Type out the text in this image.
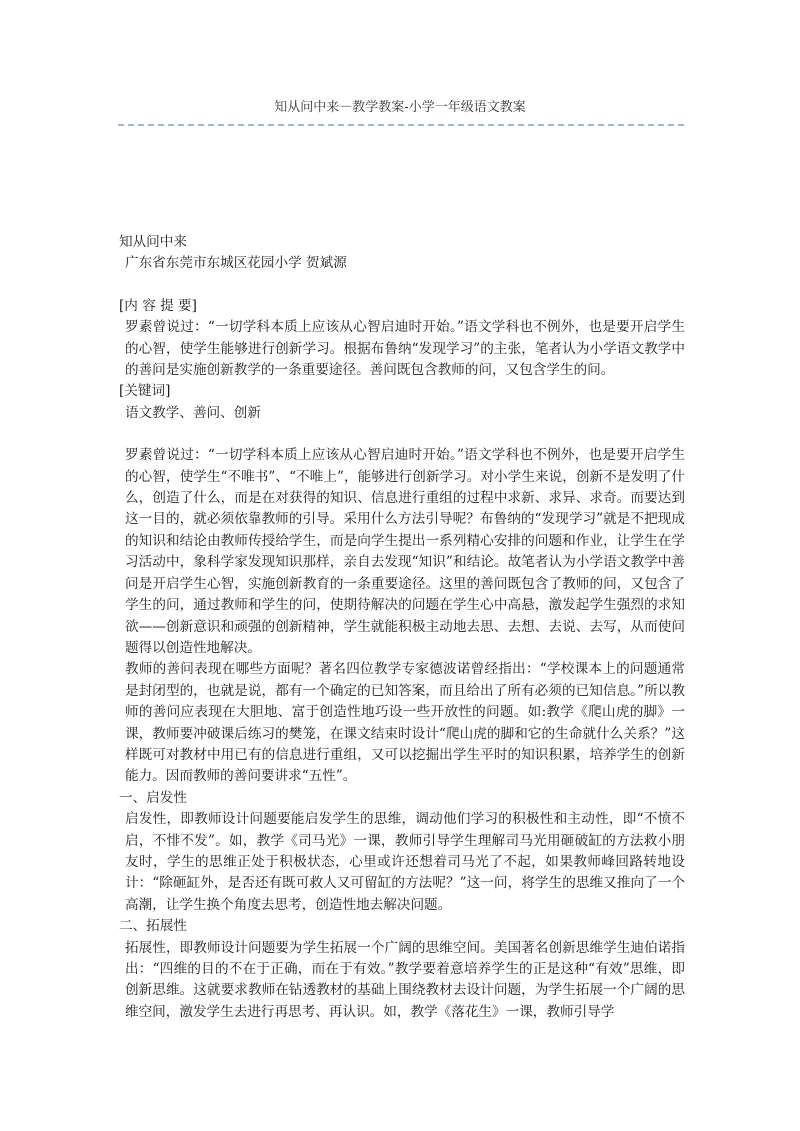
知从问中来－教学教案-小学一年级语文教案

知从问中来

广东省东莞市东城区花园小学 贺斌源

[内 容 提 要]

罗素曾说过：“一切学科本质上应该从心智启迪时开始。”语文学科也不例外，也是要开启学生的心智，使学生能够进行创新学习。根据布鲁纳“发现学习”的主张，笔者认为小学语文教学中的善问是实施创新教学的一条重要途径。善问既包含教师的问，又包含学生的问。

[关键词]

语文教学、善问、创新

罗素曾说过：“一切学科本质上应该从心智启迪时开始。”语文学科也不例外，也是要开启学生的心智，使学生“不唯书”、“不唯上”，能够进行创新学习。对小学生来说，创新不是发明了什么，创造了什么，而是在对获得的知识、信息进行重组的过程中求新、求异、求奇。而要达到这一目的，就必须依靠教师的引导。采用什么方法引导呢？布鲁纳的“发现学习”就是不把现成的知识和结论由教师传授给学生，而是向学生提出一系列精心安排的问题和作业，让学生在学习活动中，象科学家发现知识那样，亲自去发现“知识”和结论。故笔者认为小学语文教学中善问是开启学生心智，实施创新教育的一条重要途径。这里的善问既包含了教师的问，又包含了学生的问，通过教师和学生的问，使期待解决的问题在学生心中高悬，激发起学生强烈的求知欲——创新意识和顽强的创新精神，学生就能积极主动地去思、去想、去说、去写，从而使问题得以创造性地解决。

教师的善问表现在哪些方面呢？著名四位教学专家德波诺曾经指出：“学校课本上的问题通常是封闭型的，也就是说，都有一个确定的已知答案，而且给出了所有必须的已知信息。”所以教师的善问应表现在大胆地、富于创造性地巧设一些开放性的问题。如:教学《爬山虎的脚》一课，教师要冲破课后练习的樊笼，在课文结束时设计“爬山虎的脚和它的生命就什么关系？”这样既可对教材中用已有的信息进行重组，又可以挖掘出学生平时的知识积累，培养学生的创新能力。因而教师的善问要讲求“五性”。

一、启发性

启发性，即教师设计问题要能启发学生的思维，调动他们学习的积极性和主动性，即“不愤不启，不悱不发”。如，教学《司马光》一课，教师引导学生理解司马光用砸破缸的方法救小朋友时，学生的思维正处于积极状态，心里或许还想着司马光了不起，如果教师峰回路转地设计：“除砸缸外，是否还有既可救人又可留缸的方法呢？”这一问，将学生的思维又推向了一个高潮，让学生换个角度去思考，创造性地去解决问题。

二、拓展性

拓展性，即教师设计问题要为学生拓展一个广阔的思维空间。美国著名创新思维学生迪伯诺指出：“四维的目的不在于正确，而在于有效。”教学要着意培养学生的正是这种“有效”思维，即创新思维。这就要求教师在钻透教材的基础上围绕教材去设计问题，为学生拓展一个广阔的思维空间，激发学生去进行再思考、再认识。如，教学《落花生》一课，教师引导学
